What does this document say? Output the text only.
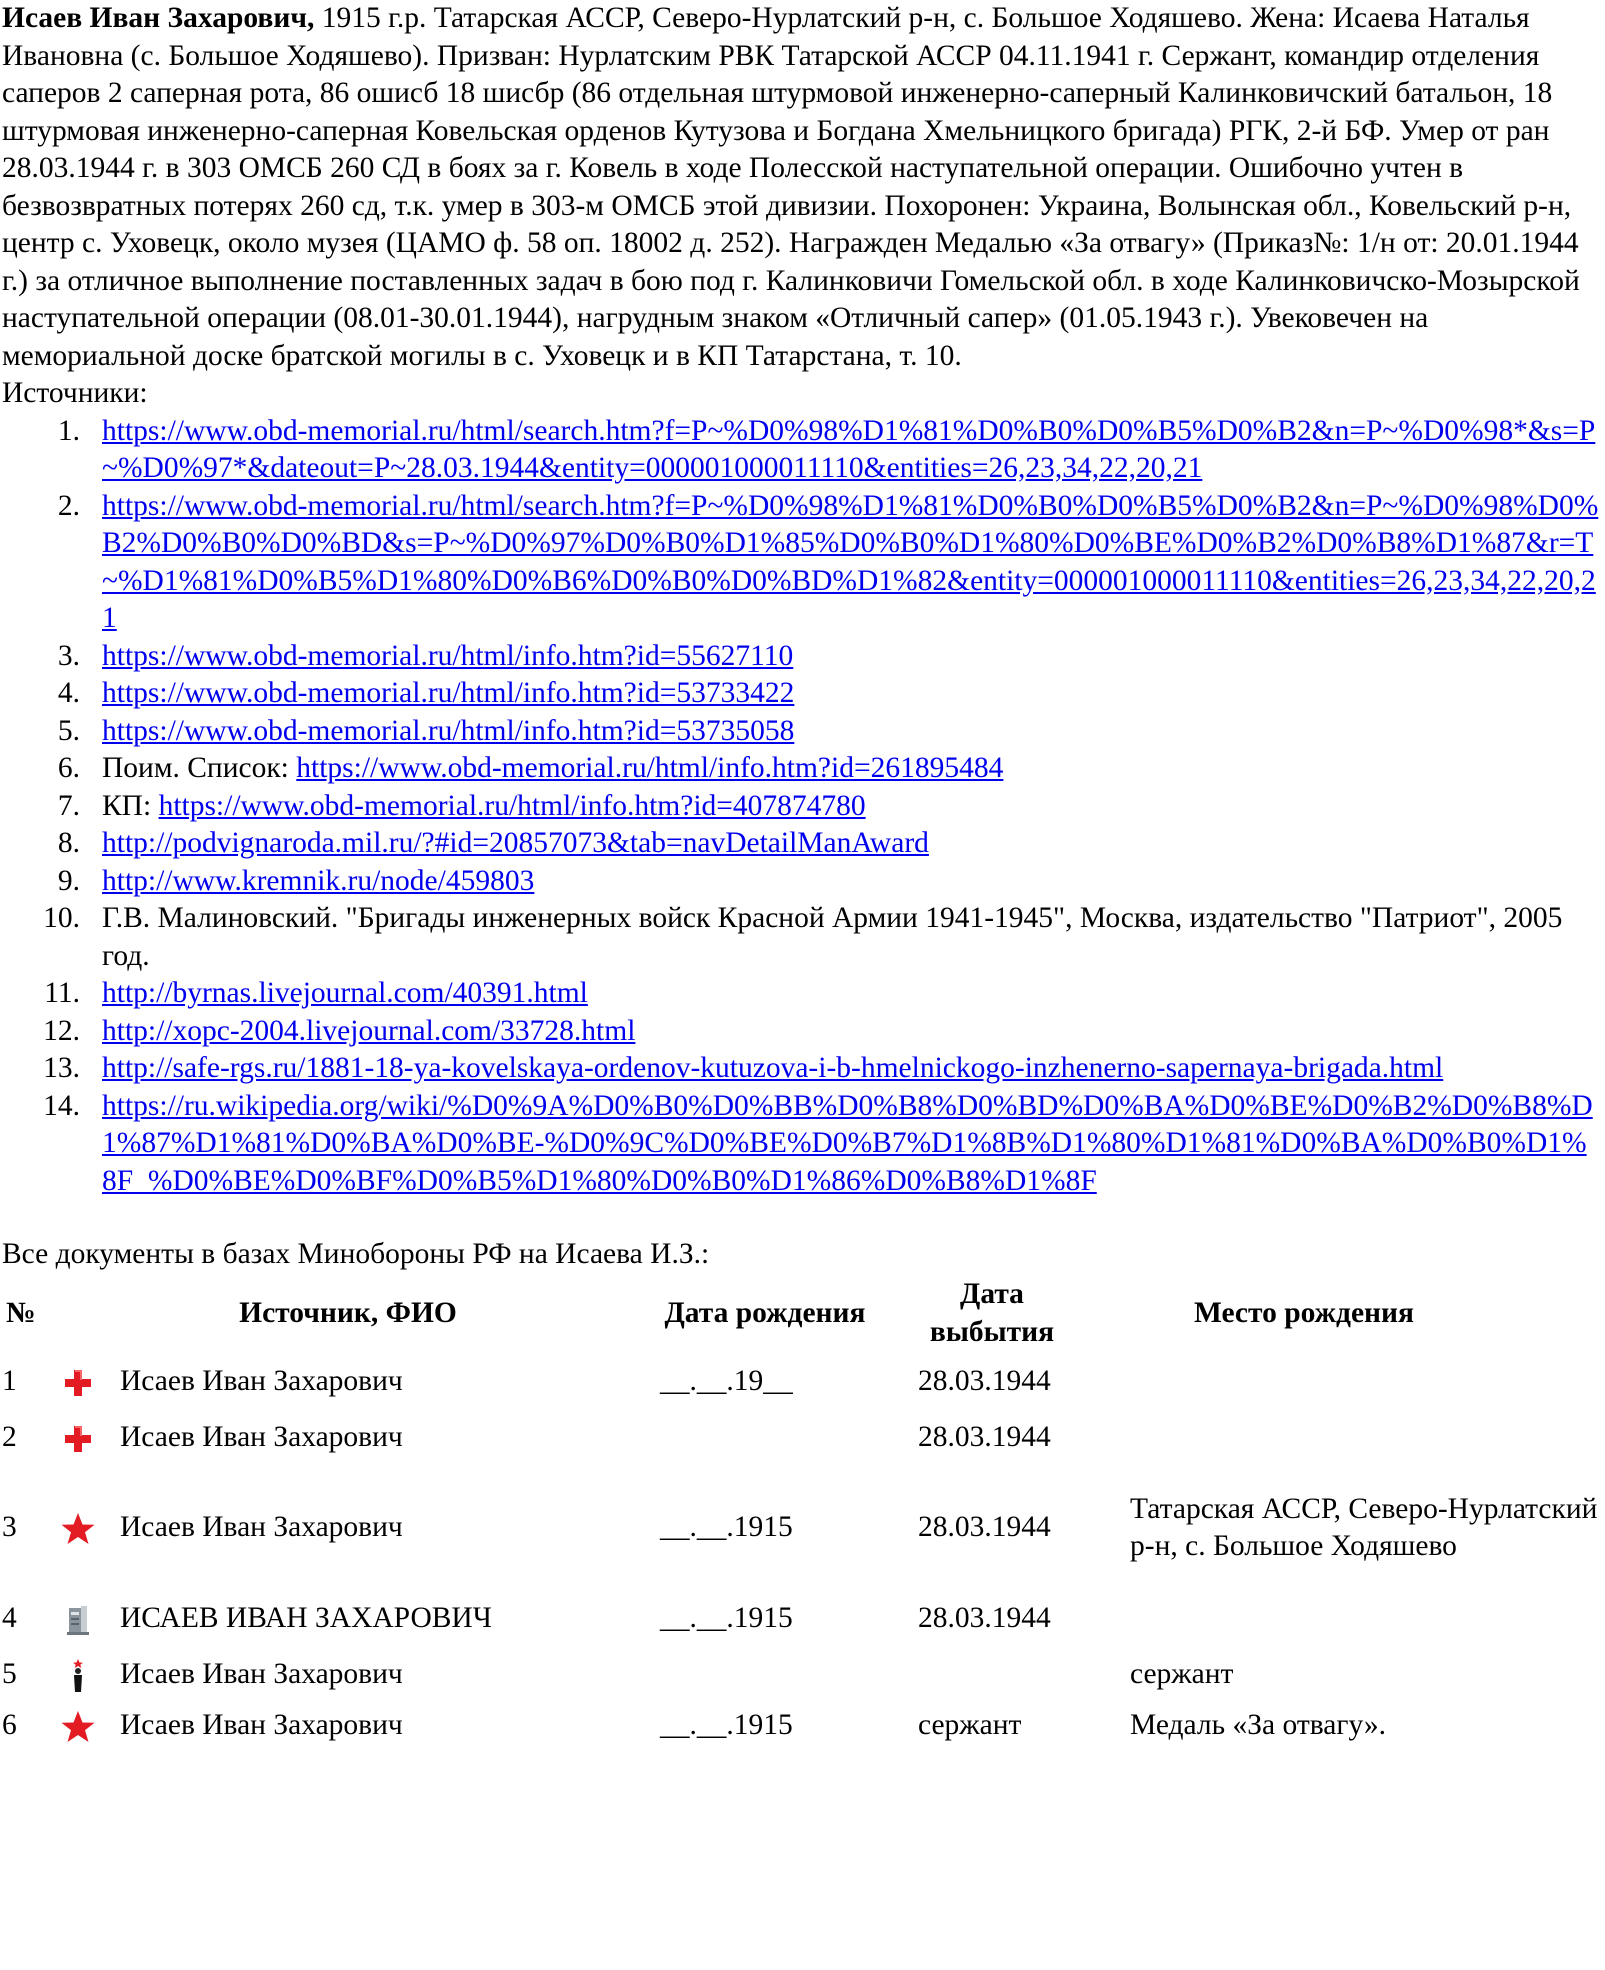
Исаев Иван Захарович, 1915 г.р. Татарская АССР, Северо-Нурлатский р-н, с. Большое Ходяшево. Жена: Исаева Наталья Ивановна (с. Большое Ходяшево). Призван: Нурлатским РВК Татарской АССР 04.11.1941 г. Сержант, командир отделения саперов 2 саперная рота, 86 ошисб 18 шисбр (86 отдельная штурмовой инженерно-саперный Калинковичский батальон, 18 штурмовая инженерно-саперная Ковельская орденов Кутузова и Богдана Хмельницкого бригада) РГК, 2-й БФ. Умер от ран 28.03.1944 г. в 303 ОМСБ 260 СД в боях за г. Ковель в ходе Полесской наступательной операции. Ошибочно учтен в безвозвратных потерях 260 сд, т.к. умер в 303-м ОМСБ этой дивизии. Похоронен: Украина, Волынская обл., Ковельский р-н, центр с. Уховецк, около музея (ЦАМО ф. 58 оп. 18002 д. 252). Награжден Медалью «За отвагу» (Приказ№: 1/н от: 20.01.1944 г.) за отличное выполнение поставленных задач в бою под г. Калинковичи Гомельской обл. в ходе Калинковичско-Мозырской наступательной операции (08.01-30.01.1944), нагрудным знаком «Отличный сапер» (01.05.1943 г.). Увековечен на мемориальной доске братской могилы в с. Уховецк и в КП Татарстана, т. 10.

Источники:

1. https://www.obd-memorial.ru/html/search.htm?f=P~%D0%98%D1%81%D0%B0%D0%B5%D0%B2&n=P~%D0%98*&s=P~%D0%97*&dateout=P~28.03.1944&entity=000001000011110&entities=26,23,34,22,20,21
2. https://www.obd-memorial.ru/html/search.htm?f=P~%D0%98%D1%81%D0%B0%D0%B5%D0%B2&n=P~%D0%98%D0%B2%D0%B0%D0%BD&s=P~%D0%97%D0%B0%D1%85%D0%B0%D1%80%D0%BE%D0%B2%D0%B8%D1%87&r=T~%D1%81%D0%B5%D1%80%D0%B6%D0%B0%D0%BD%D1%82&entity=000001000011110&entities=26,23,34,22,20,21
3. https://www.obd-memorial.ru/html/info.htm?id=55627110
4. https://www.obd-memorial.ru/html/info.htm?id=53733422
5. https://www.obd-memorial.ru/html/info.htm?id=53735058
6. Поим. Список: https://www.obd-memorial.ru/html/info.htm?id=261895484
7. КП: https://www.obd-memorial.ru/html/info.htm?id=407874780
8. http://podvignaroda.mil.ru/?#id=20857073&tab=navDetailManAward
9. http://www.kremnik.ru/node/459803
10. Г.В. Малиновский. "Бригады инженерных войск Красной Армии 1941-1945", Москва, издательство "Патриот", 2005 год.
11. http://byrnas.livejournal.com/40391.html
12. http://xopc-2004.livejournal.com/33728.html
13. http://safe-rgs.ru/1881-18-ya-kovelskaya-ordenov-kutuzova-i-b-hmelnickogo-inzhenerno-sapernaya-brigada.html
14. https://ru.wikipedia.org/wiki/%D0%9A%D0%B0%D0%BB%D0%B8%D0%BD%D0%BA%D0%BE%D0%B2%D0%B8%D1%87%D1%81%D0%BA%D0%BE-%D0%9C%D0%BE%D0%B7%D1%8B%D1%80%D1%81%D0%BA%D0%B0%D1%8F_%D0%BE%D0%BF%D0%B5%D1%80%D0%B0%D1%86%D0%B8%D1%8F

Все документы в базах Минобороны РФ на Исаева И.З.:

№	Источник, ФИО		Дата рождения	Дата выбытия	Место рождения
1		Исаев Иван Захарович	__.__.19__	28.03.1944	
2		Исаев Иван Захарович		28.03.1944	
3		Исаев Иван Захарович	__.__.1915	28.03.1944	Татарская АССР, Северо-Нурлатский р-н, с. Большое Ходяшево
4		ИСАЕВ ИВАН ЗАХАРОВИЧ	__.__.1915	28.03.1944	
5		Исаев Иван Захарович			сержант
6		Исаев Иван Захарович	__.__.1915	сержант	Медаль «За отвагу».
